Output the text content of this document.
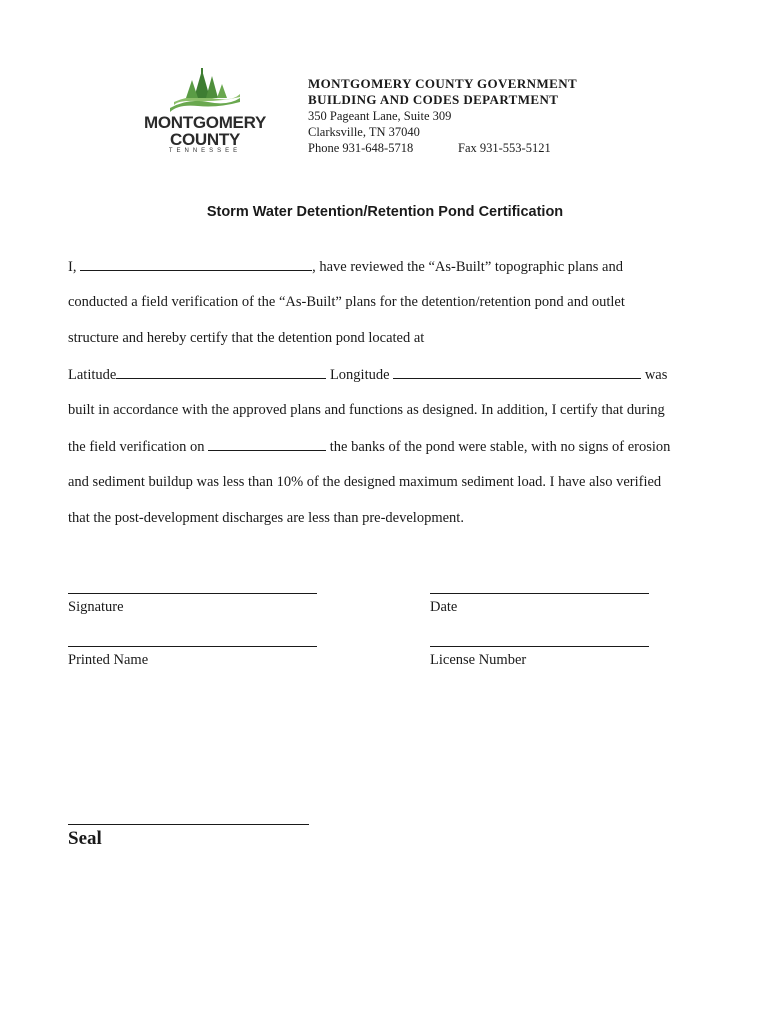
MONTGOMERY
COUNTY
TENNESSEE
MONTGOMERY COUNTY GOVERNMENT
BUILDING AND CODES DEPARTMENT
350 Pageant Lane, Suite 309
Clarksville, TN 37040
Phone 931-648-5718	Fax 931-553-5121
Storm Water Detention/Retention Pond Certification
I,	, have reviewed the “As-Built” topographic plans and
conducted a field verification of the “As-Built” plans for the detention/retention pond and outlet
structure and hereby certify that the detention pond located at
Latitude	Longitude	was
built in accordance with the approved plans and functions as designed. In addition, I certify that during
the field verification on	the banks of the pond were stable, with no signs of erosion
and sediment buildup was less than 10% of the designed maximum sediment load. I have also verified
that the post-development discharges are less than pre-development.
Signature	Date
Printed Name	License Number
Seal
